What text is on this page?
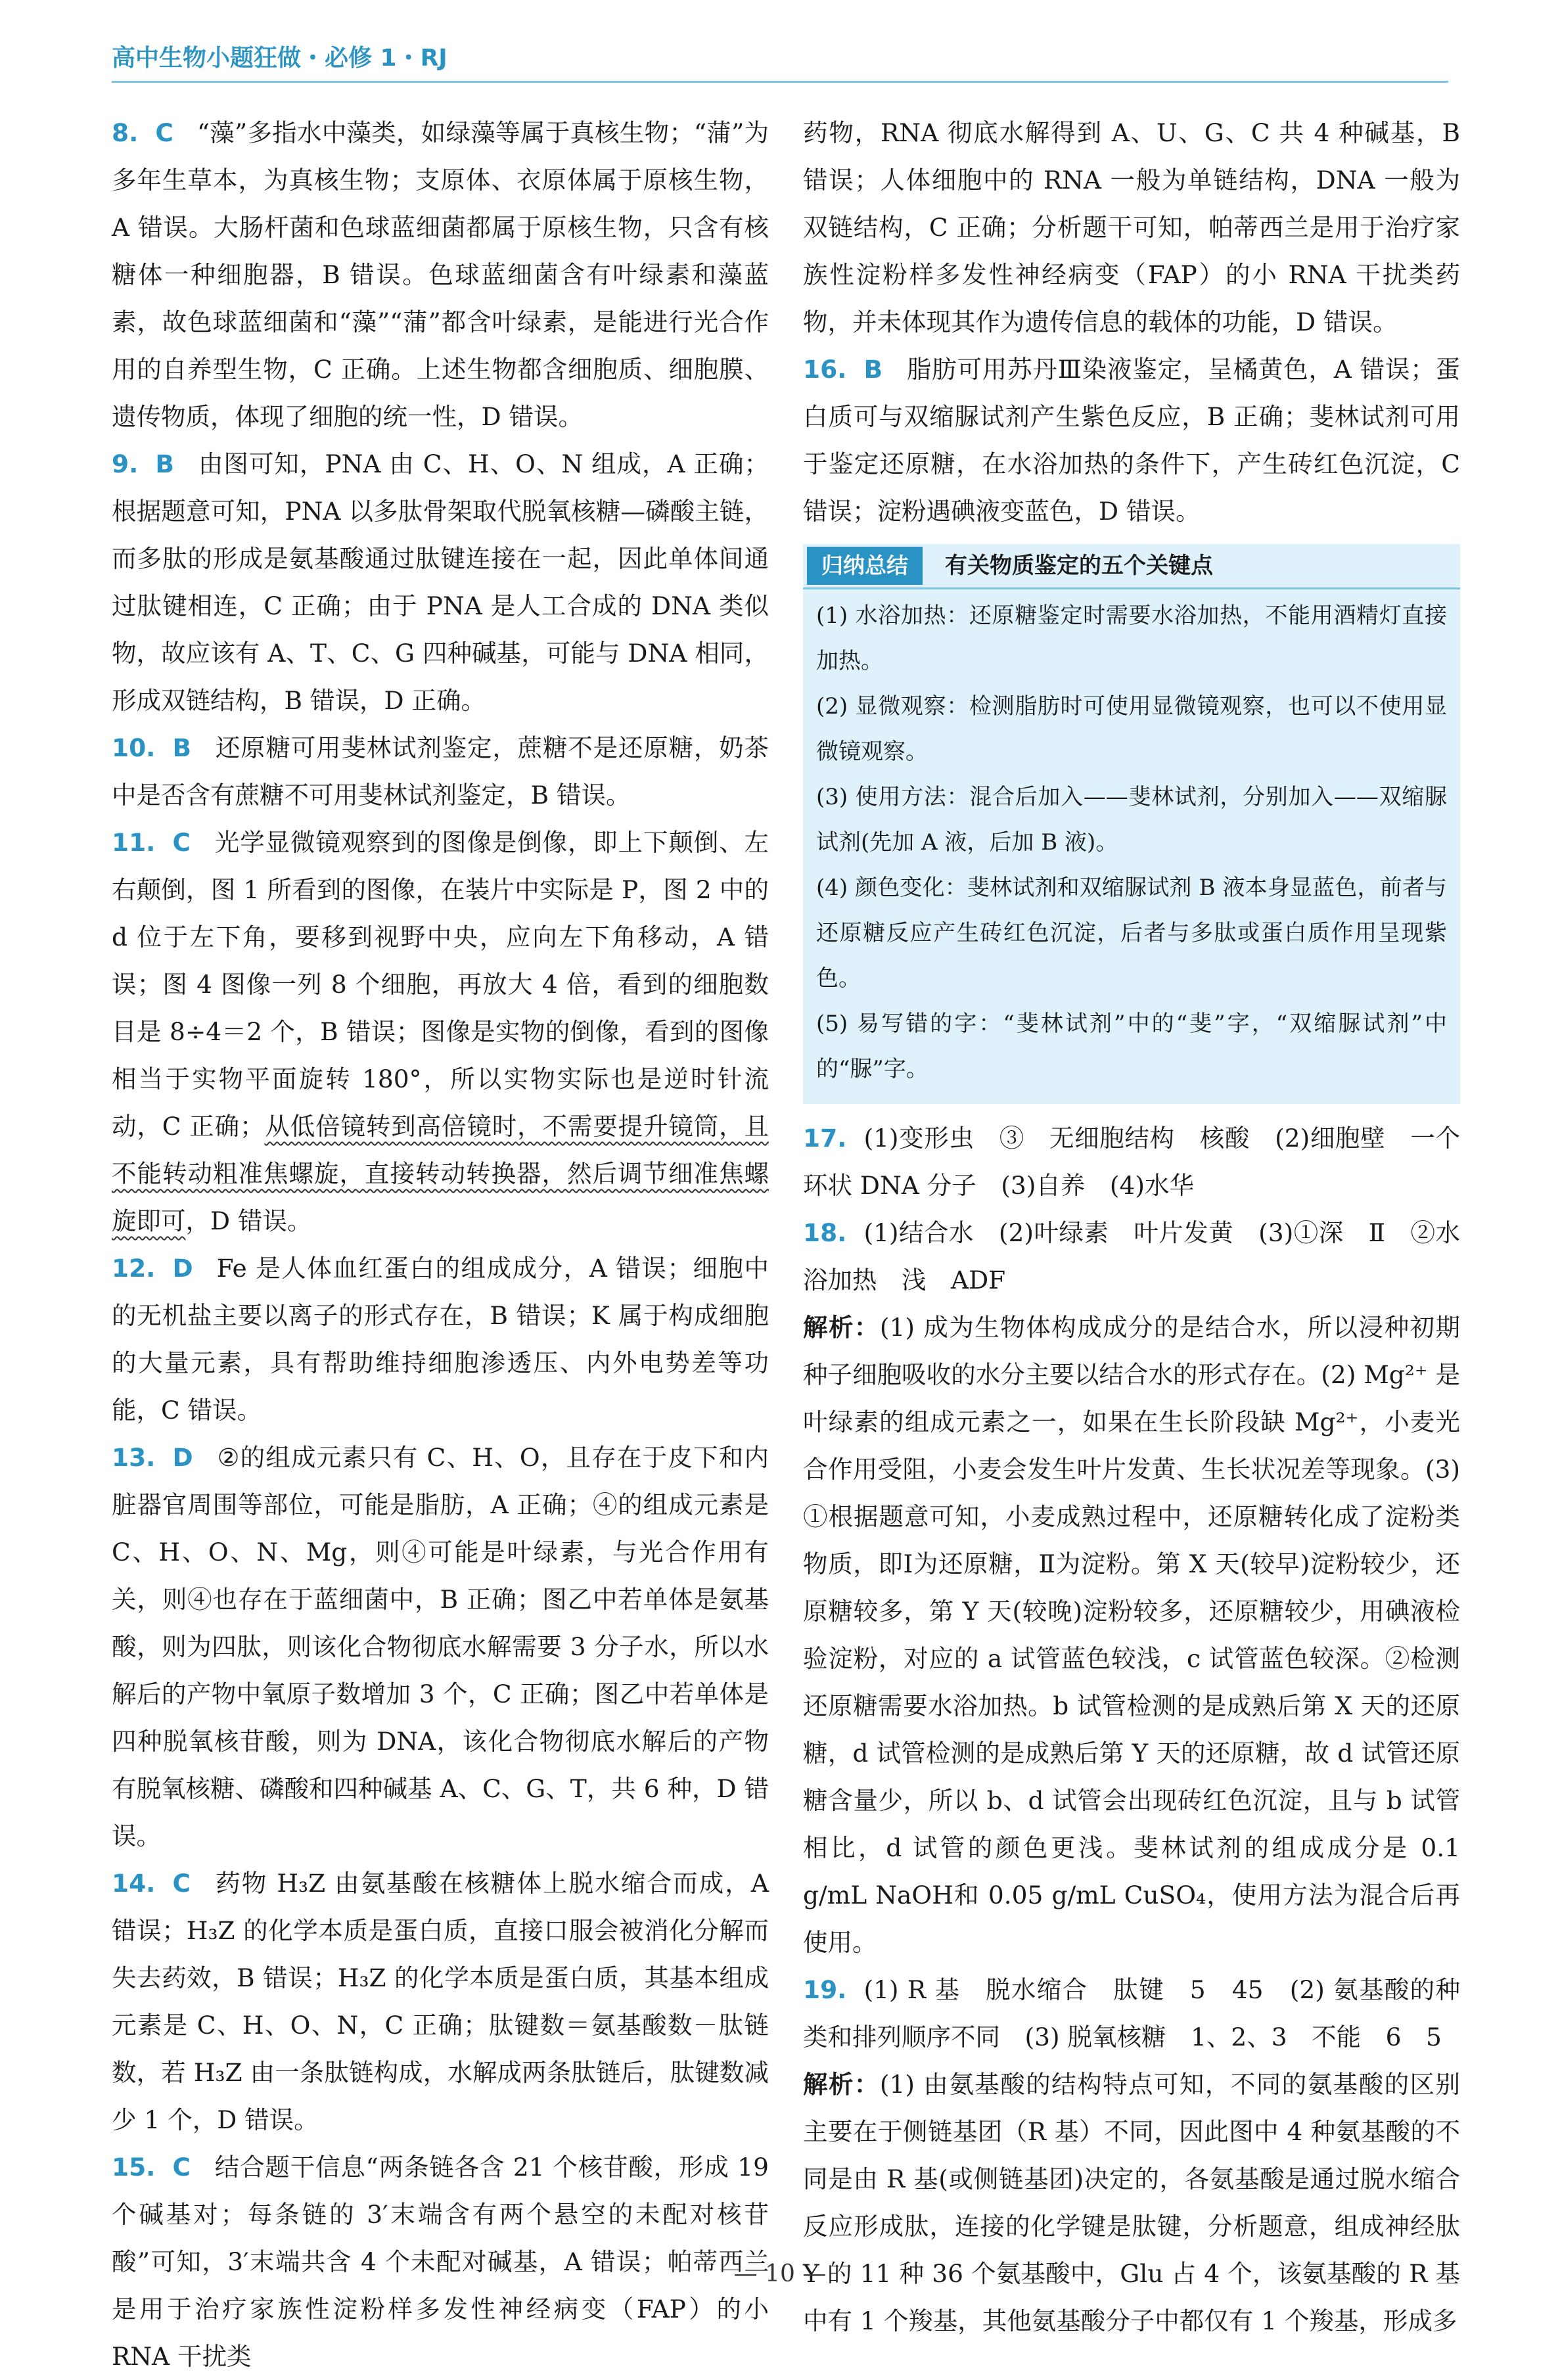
高中生物小题狂做・必修 1・RJ

8. C “藻”多指水中藻类，如绿藻等属于真核生物；“蒲”为多年生草本，为真核生物；支原体、衣原体属于原核生物，A 错误。大肠杆菌和色球蓝细菌都属于原核生物，只含有核糖体一种细胞器，B 错误。色球蓝细菌含有叶绿素和藻蓝素，故色球蓝细菌和“藻”“蒲”都含叶绿素，是能进行光合作用的自养型生物，C 正确。上述生物都含细胞质、细胞膜、遗传物质，体现了细胞的统一性，D 错误。

9. B 由图可知，PNA 由 C、H、O、N 组成，A 正确；根据题意可知，PNA 以多肽骨架取代脱氧核糖—磷酸主链，而多肽的形成是氨基酸通过肽键连接在一起，因此单体间通过肽键相连，C 正确；由于 PNA 是人工合成的 DNA 类似物，故应该有 A、T、C、G 四种碱基，可能与 DNA 相同，形成双链结构，B 错误，D 正确。

10. B 还原糖可用斐林试剂鉴定，蔗糖不是还原糖，奶茶中是否含有蔗糖不可用斐林试剂鉴定，B 错误。

11. C 光学显微镜观察到的图像是倒像，即上下颠倒、左右颠倒，图 1 所看到的图像，在装片中实际是 P，图 2 中的 d 位于左下角，要移到视野中央，应向左下角移动，A 错误；图 4 图像一列 8 个细胞，再放大 4 倍，看到的细胞数目是 8÷4＝2 个，B 错误；图像是实物的倒像，看到的图像相当于实物平面旋转 180°，所以实物实际也是逆时针流动，C 正确；从低倍镜转到高倍镜时，不需要提升镜筒，且不能转动粗准焦螺旋，直接转动转换器，然后调节细准焦螺旋即可，D 错误。

12. D Fe 是人体血红蛋白的组成成分，A 错误；细胞中的无机盐主要以离子的形式存在，B 错误；K 属于构成细胞的大量元素，具有帮助维持细胞渗透压、内外电势差等功能，C 错误。

13. D ②的组成元素只有 C、H、O，且存在于皮下和内脏器官周围等部位，可能是脂肪，A 正确；④的组成元素是 C、H、O、N、Mg，则④可能是叶绿素，与光合作用有关，则④也存在于蓝细菌中，B 正确；图乙中若单体是氨基酸，则为四肽，则该化合物彻底水解需要 3 分子水，所以水解后的产物中氧原子数增加 3 个，C 正确；图乙中若单体是四种脱氧核苷酸，则为 DNA，该化合物彻底水解后的产物有脱氧核糖、磷酸和四种碱基 A、C、G、T，共 6 种，D 错误。

14. C 药物 H₃Z 由氨基酸在核糖体上脱水缩合而成，A 错误；H₃Z 的化学本质是蛋白质，直接口服会被消化分解而失去药效，B 错误；H₃Z 的化学本质是蛋白质，其基本组成元素是 C、H、O、N，C 正确；肽键数＝氨基酸数－肽链数，若 H₃Z 由一条肽链构成，水解成两条肽链后，肽键数减少 1 个，D 错误。

15. C 结合题干信息“两条链各含 21 个核苷酸，形成 19 个碱基对；每条链的 3′末端含有两个悬空的未配对核苷酸”可知，3′末端共含 4 个未配对碱基，A 错误；帕蒂西兰是用于治疗家族性淀粉样多发性神经病变（FAP）的小 RNA 干扰类

药物，RNA 彻底水解得到 A、U、G、C 共 4 种碱基，B 错误；人体细胞中的 RNA 一般为单链结构，DNA 一般为双链结构，C 正确；分析题干可知，帕蒂西兰是用于治疗家族性淀粉样多发性神经病变（FAP）的小 RNA 干扰类药物，并未体现其作为遗传信息的载体的功能，D 错误。

16. B 脂肪可用苏丹Ⅲ染液鉴定，呈橘黄色，A 错误；蛋白质可与双缩脲试剂产生紫色反应，B 正确；斐林试剂可用于鉴定还原糖，在水浴加热的条件下，产生砖红色沉淀，C 错误；淀粉遇碘液变蓝色，D 错误。

归纳总结	有关物质鉴定的五个关键点
(1) 水浴加热：还原糖鉴定时需要水浴加热，不能用酒精灯直接加热。
(2) 显微观察：检测脂肪时可使用显微镜观察，也可以不使用显微镜观察。
(3) 使用方法：混合后加入——斐林试剂，分别加入——双缩脲试剂(先加 A 液，后加 B 液)。
(4) 颜色变化：斐林试剂和双缩脲试剂 B 液本身显蓝色，前者与还原糖反应产生砖红色沉淀，后者与多肽或蛋白质作用呈现紫色。
(5) 易写错的字：“斐林试剂”中的“斐”字，“双缩脲试剂”中的“脲”字。

17. (1)变形虫　③　无细胞结构　核酸　(2)细胞壁　一个环状 DNA 分子　(3)自养　(4)水华

18. (1)结合水　(2)叶绿素　叶片发黄　(3)①深　Ⅱ　②水浴加热　浅　ADF

解析：(1) 成为生物体构成成分的是结合水，所以浸种初期种子细胞吸收的水分主要以结合水的形式存在。(2) Mg²⁺ 是叶绿素的组成元素之一，如果在生长阶段缺 Mg²⁺，小麦光合作用受阻，小麦会发生叶片发黄、生长状况差等现象。(3) ①根据题意可知，小麦成熟过程中，还原糖转化成了淀粉类物质，即Ⅰ为还原糖，Ⅱ为淀粉。第 X 天(较早)淀粉较少，还原糖较多，第 Y 天(较晚)淀粉较多，还原糖较少，用碘液检验淀粉，对应的 a 试管蓝色较浅，c 试管蓝色较深。②检测还原糖需要水浴加热。b 试管检测的是成熟后第 X 天的还原糖，d 试管检测的是成熟后第 Y 天的还原糖，故 d 试管还原糖含量少，所以 b、d 试管会出现砖红色沉淀，且与 b 试管相比，d 试管的颜色更浅。斐林试剂的组成成分是 0.1 g/mL NaOH和 0.05 g/mL CuSO₄，使用方法为混合后再使用。

19. (1) R 基　脱水缩合　肽键　5　45　(2) 氨基酸的种类和排列顺序不同　(3) 脱氧核糖　1、2、3　不能　6　5

解析：(1) 由氨基酸的结构特点可知，不同的氨基酸的区别主要在于侧链基团（R 基）不同，因此图中 4 种氨基酸的不同是由 R 基(或侧链基团)决定的，各氨基酸是通过脱水缩合反应形成肽，连接的化学键是肽键，分析题意，组成神经肽 Y 的 11 种 36 个氨基酸中，Glu 占 4 个，该氨基酸的 R 基中有 1 个羧基，其他氨基酸分子中都仅有 1 个羧基，形成多

— 10 —
